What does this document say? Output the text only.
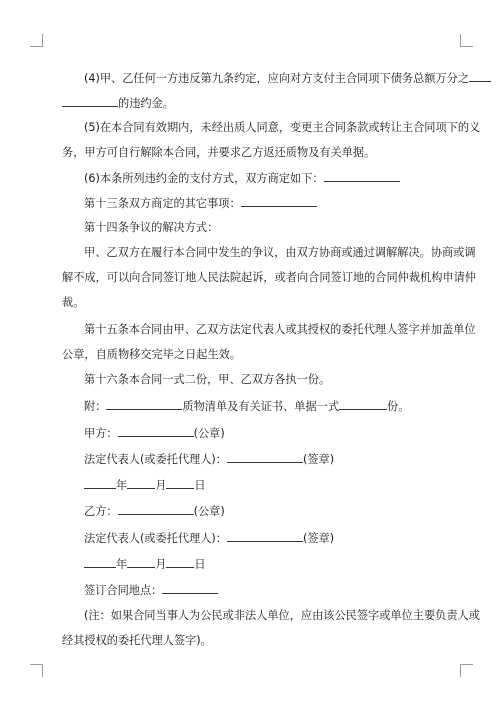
(4)甲、乙任何一方违反第九条约定，应向对方支付主合同项下债务总额万分之
的违约金。
(5)在本合同有效期内，未经出质人同意，变更主合同条款或转让主合同项下的义
务，甲方可自行解除本合同，并要求乙方返还质物及有关单据。
(6)本条所列违约金的支付方式，双方商定如下：
第十三条双方商定的其它事项：
第十四条争议的解决方式：
甲、乙双方在履行本合同中发生的争议，由双方协商或通过调解解决。协商或调
解不成，可以向合同签订地人民法院起诉，或者向合同签订地的合同仲裁机构申请仲
裁。
第十五条本合同由甲、乙双方法定代表人或其授权的委托代理人签字并加盖单位
公章，自质物移交完毕之日起生效。
第十六条本合同一式二份，甲、乙双方各执一份。
附：	质物清单及有关证书、单据一式	份。
甲方：	(公章)
法定代表人(或委托代理人)：	(签章)
年	月	日
乙方：	(公章)
法定代表人(或委托代理人)：	(签章)
年	月	日
签订合同地点：
(注：如果合同当事人为公民或非法人单位，应由该公民签字或单位主要负责人或
经其授权的委托代理人签字)。
